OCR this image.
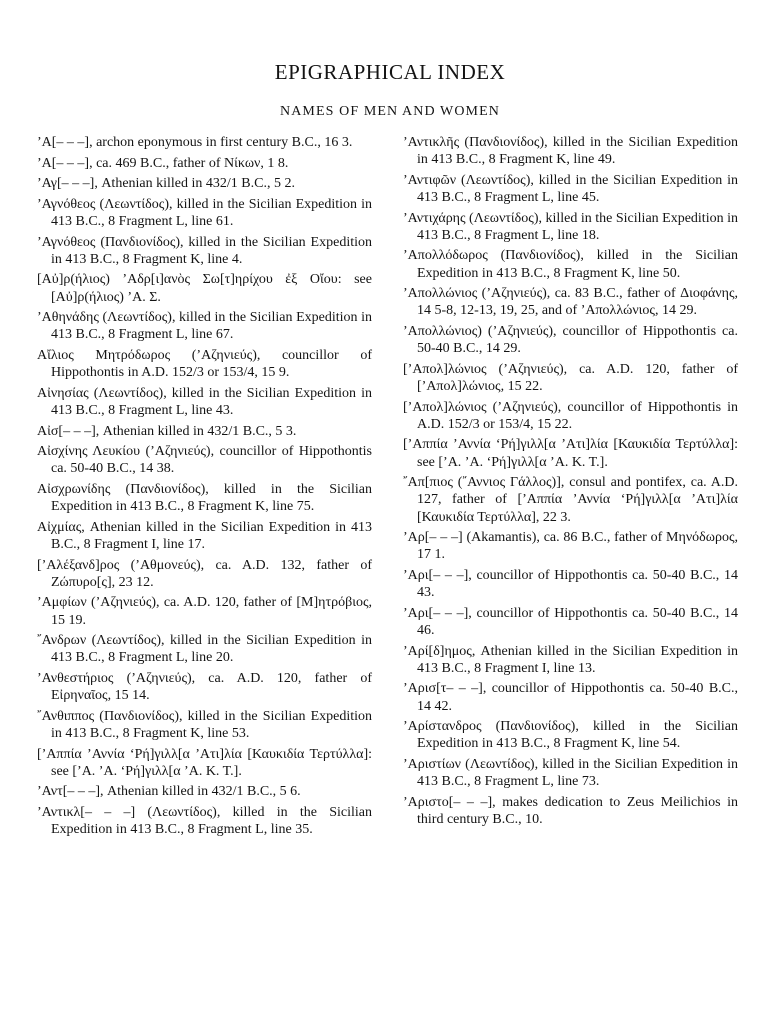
EPIGRAPHICAL INDEX
NAMES OF MEN AND WOMEN
’Α[– – –], archon eponymous in first century B.C., 16 3.
’Α[– – –], ca. 469 B.C., father of Νίκων, 1 8.
’Αγ[– – –], Athenian killed in 432/1 B.C., 5 2.
’Αγνόθεος (Λεωντίδος), killed in the Sicilian Expedition in 413 B.C., 8 Fragment L, line 61.
’Αγνόθεος (Πανδιονίδος), killed in the Sicilian Expedition in 413 B.C., 8 Fragment K, line 4.
[Αὐ]ρ(ήλιος) ’Αδρ[ι]ανὸς Σω[τ]ηρίχου ἐξ Οἴου: see [Αὐ]ρ(ήλιος) ’Α. Σ.
’Αθηνάδης (Λεωντίδος), killed in the Sicilian Expedition in 413 B.C., 8 Fragment L, line 67.
Αἴλιος Μητρόδωρος (’Αζηνιεύς), councillor of Hippothontis in A.D. 152/3 or 153/4, 15 9.
Αἰνησίας (Λεωντίδος), killed in the Sicilian Expedition in 413 B.C., 8 Fragment L, line 43.
Αἰσ[– – –], Athenian killed in 432/1 B.C., 5 3.
Αἰσχίνης Λευκίου (’Αζηνιεύς), councillor of Hippothontis ca. 50-40 B.C., 14 38.
Αἰσχρωνίδης (Πανδιονίδος), killed in the Sicilian Expedition in 413 B.C., 8 Fragment K, line 75.
Αἰχμίας, Athenian killed in the Sicilian Expedition in 413 B.C., 8 Fragment I, line 17.
[’Αλέξανδ]ρος (’Αθμονεύς), ca. A.D. 132, father of Ζώπυρο[ς], 23 12.
’Αμφίων (’Αζηνιεύς), ca. A.D. 120, father of [Μ]ητρόβιος, 15 19.
῎Ανδρων (Λεωντίδος), killed in the Sicilian Expedition in 413 B.C., 8 Fragment L, line 20.
’Ανθεστήριος (’Αζηνιεύς), ca. A.D. 120, father of Εἰρηναῖος, 15 14.
῎Ανθιππος (Πανδιονίδος), killed in the Sicilian Expedition in 413 B.C., 8 Fragment K, line 53.
[’Αππία ’Αννία ‘Ρή]γιλλ[α ’Ατι]λία [Καυκιδία Τερτύλλα]: see [’Α. ’Α. ‘Ρή]γιλλ[α ’Α. Κ. Τ.].
’Αντ[– – –], Athenian killed in 432/1 B.C., 5 6.
’Αντικλ[– – –] (Λεωντίδος), killed in the Sicilian Expedition in 413 B.C., 8 Fragment L, line 35.
’Αντικλῆς (Πανδιονίδος), killed in the Sicilian Expedition in 413 B.C., 8 Fragment K, line 49.
’Αντιφῶν (Λεωντίδος), killed in the Sicilian Expedition in 413 B.C., 8 Fragment L, line 45.
’Αντιχάρης (Λεωντίδος), killed in the Sicilian Expedition in 413 B.C., 8 Fragment L, line 18.
’Απολλόδωρος (Πανδιονίδος), killed in the Sicilian Expedition in 413 B.C., 8 Fragment K, line 50.
’Απολλώνιος (’Αζηνιεύς), ca. 83 B.C., father of Διοφάνης, 14 5-8, 12-13, 19, 25, and of ’Απολλώνιος, 14 29.
’Απολλώνιος) (’Αζηνιεύς), councillor of Hippothontis ca. 50-40 B.C., 14 29.
[’Απολ]λώνιος (’Αζηνιεύς), ca. A.D. 120, father of [’Απολ]λώνιος, 15 22.
[’Απολ]λώνιος (’Αζηνιεύς), councillor of Hippothontis in A.D. 152/3 or 153/4, 15 22.
[’Αππία ’Αννία ‘Ρή]γιλλ[α ’Ατι]λία [Καυκιδία Τερτύλλα]: see [’Α. ’Α. ‘Ρή]γιλλ[α ’Α. Κ. Τ.].
῎Απ[πιος (῎Αννιος Γάλλος)], consul and pontifex, ca. A.D. 127, father of [’Αππία ’Αννία ‘Ρή]γιλλ[α ’Ατι]λία [Καυκιδία Τερτύλλα], 22 3.
’Αρ[– – –] (Akamantis), ca. 86 B.C., father of Μηνόδωρος, 17 1.
’Αρι[– – –], councillor of Hippothontis ca. 50-40 B.C., 14 43.
’Αρι[– – –], councillor of Hippothontis ca. 50-40 B.C., 14 46.
’Αρί[δ]ημος, Athenian killed in the Sicilian Expedition in 413 B.C., 8 Fragment I, line 13.
’Αρισ[τ– – –], councillor of Hippothontis ca. 50-40 B.C., 14 42.
’Αρίστανδρος (Πανδιονίδος), killed in the Sicilian Expedition in 413 B.C., 8 Fragment K, line 54.
’Αριστίων (Λεωντίδος), killed in the Sicilian Expedition in 413 B.C., 8 Fragment L, line 73.
’Αριστο[– – –], makes dedication to Zeus Meilichios in third century B.C., 10.
